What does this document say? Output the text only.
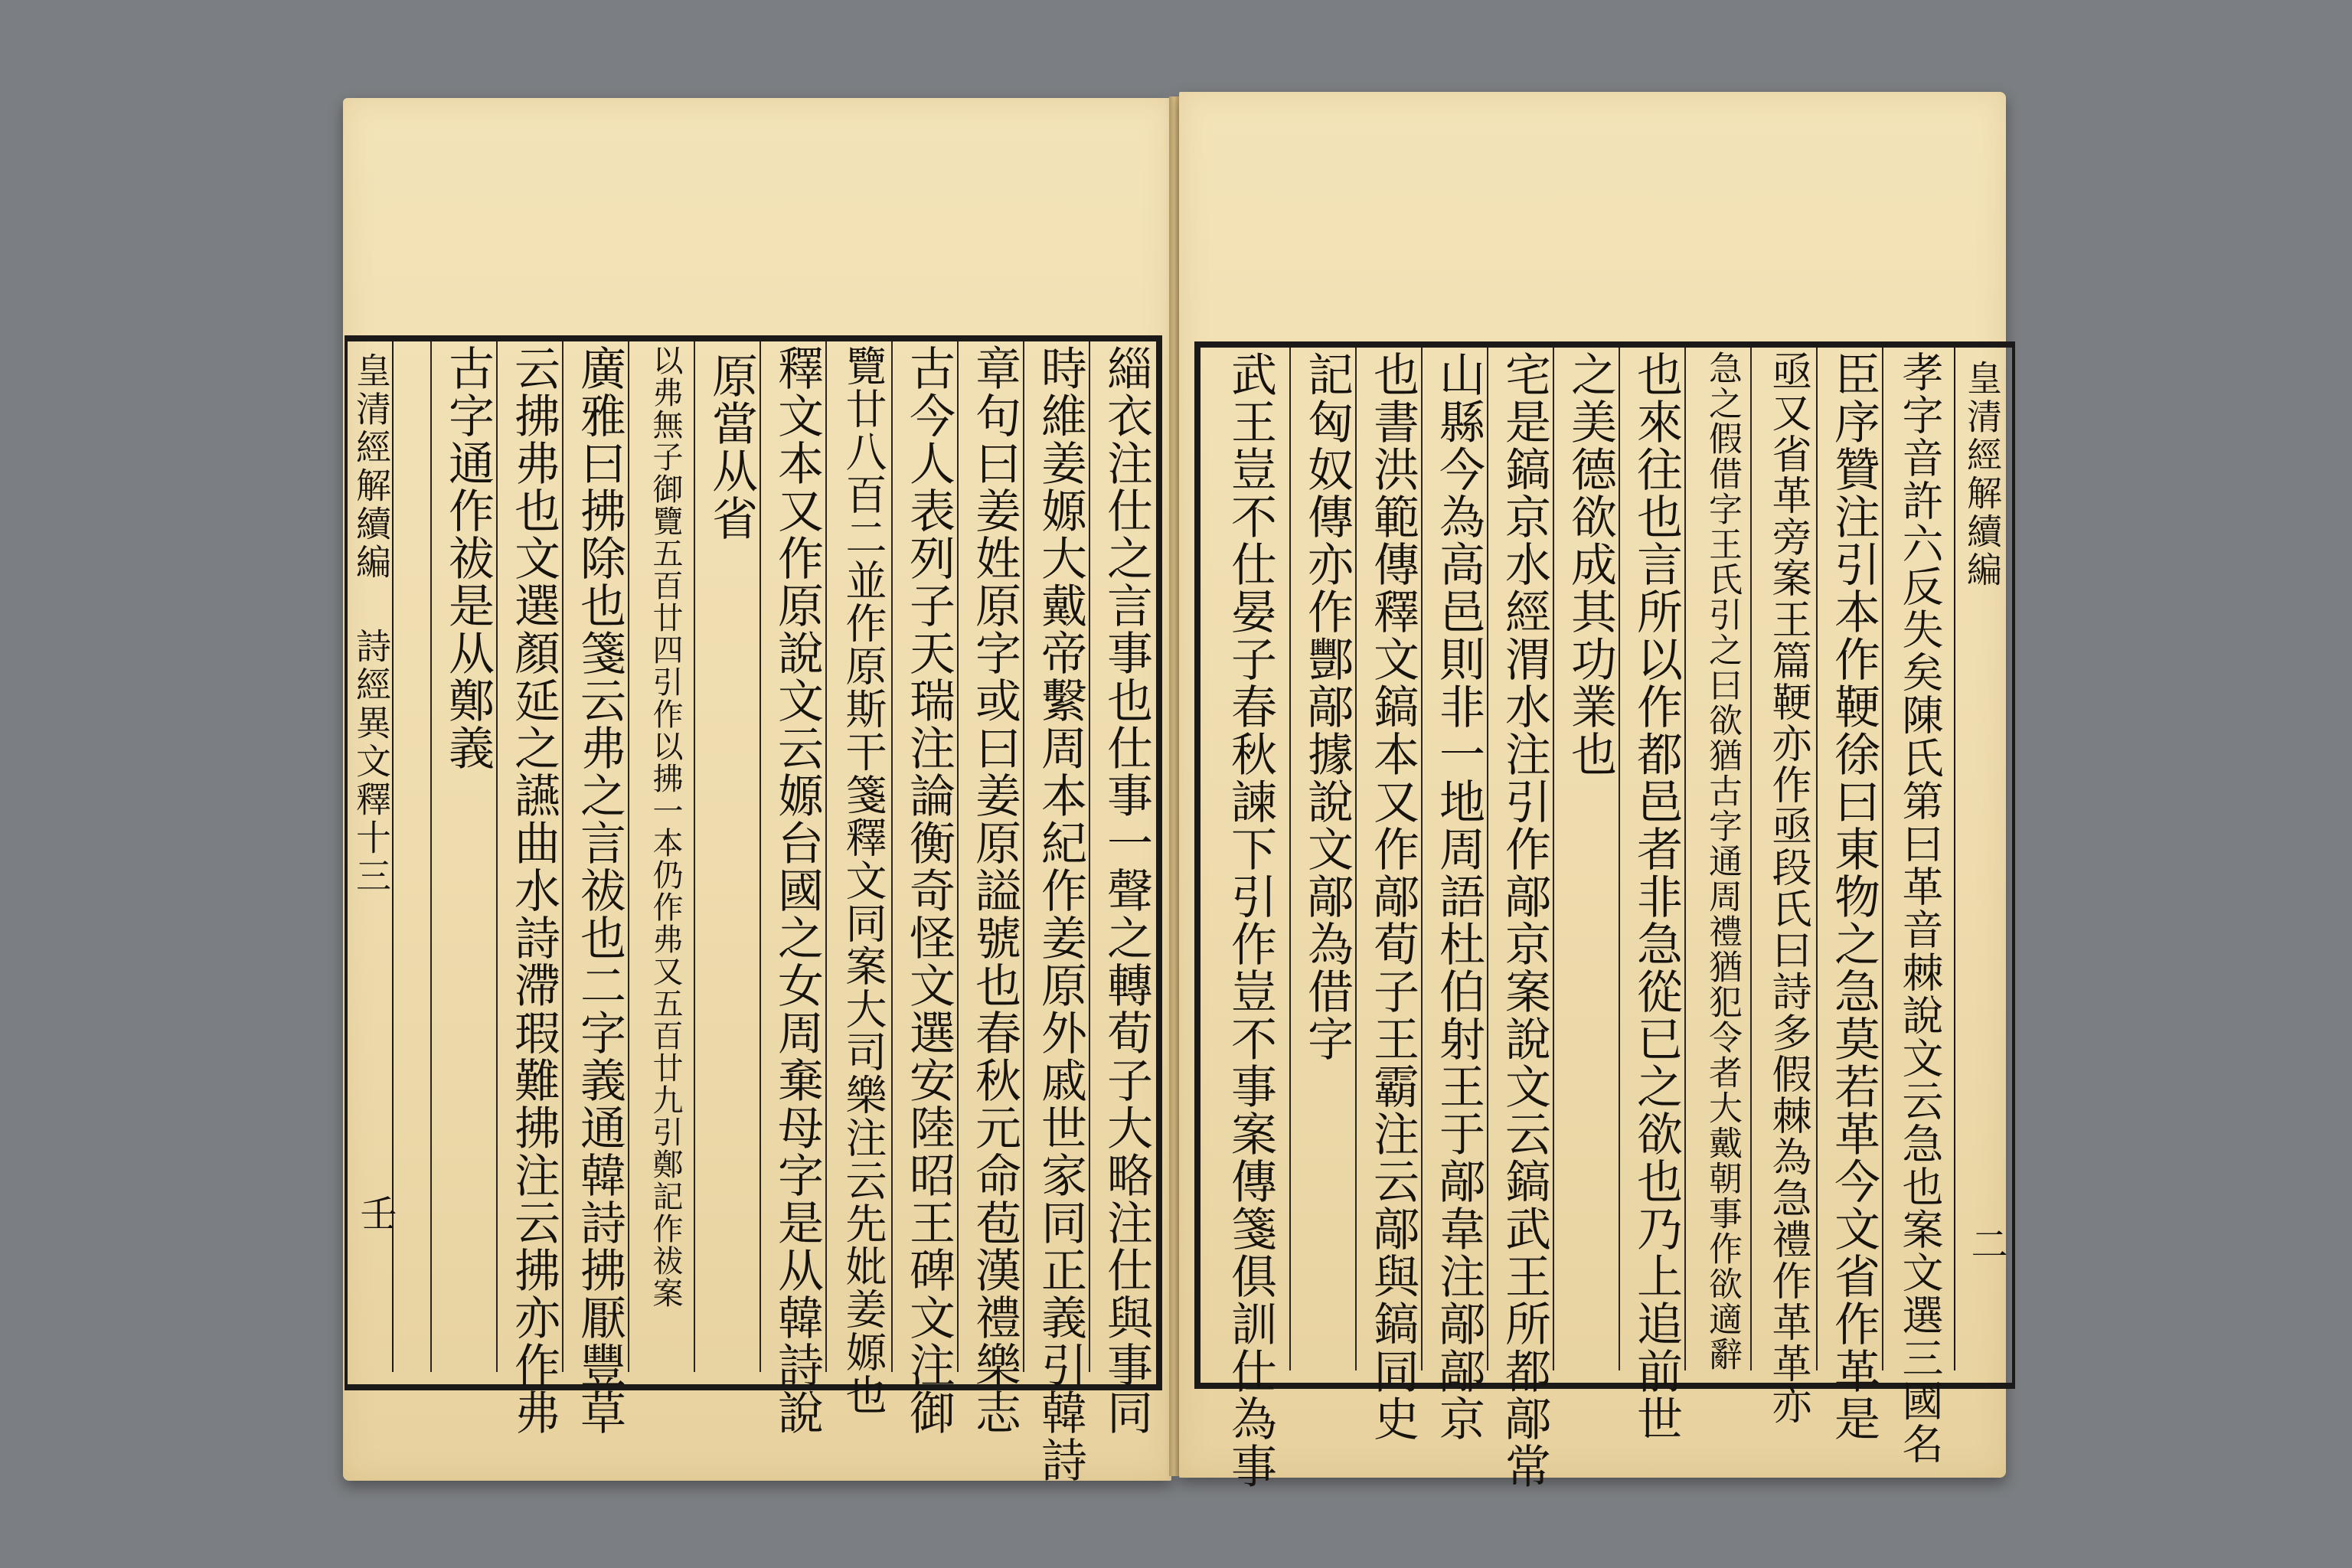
皇清經解續編
詩經異文釋十三
壬
皇清經解續編
二
緇衣注仕之言事也仕事一聲之轉荀子大略注仕與事同
時維姜嫄大戴帝繫周本紀作姜原外戚世家同正義引韓詩
章句曰姜姓原字或曰姜原謚號也春秋元命苞漢禮樂志
古今人表列子天瑞注論衡奇怪文選安陸昭王碑文注御
覽廿八百二並作原斯干箋釋文同案大司樂注云先妣姜嫄也
釋文本又作原說文云嫄台國之女周棄母字是从韓詩說
原當从省
以弗無子御覽五百廿四引作以拂一本仍作弗又五百廿九引鄭記作祓案
廣雅曰拂除也箋云弗之言祓也二字義通韓詩拂厭豐草
云拂弗也文選顏延之讌曲水詩滯瑕難拂注云拂亦作弗
古字通作祓是从鄭義	孝字音許六反失矣陳氏第曰革音棘說文云急也案文選三國名
臣序贊注引本作鞕徐曰東物之急莫若革今文省作革是
亟又省革旁案王篇鞕亦作亟段氏曰詩多假棘為急禮作革革亦
急之假借字王氏引之曰欲猶古字通周禮猶犯令者大戴朝事作欲適辭
也來往也言所以作都邑者非急從已之欲也乃上追前世
之美德欲成其功業也
宅是鎬京水經渭水注引作鄗京案說文云鎬武王所都鄗常
山縣今為高邑則非一地周語杜伯射王于鄗韋注鄗鄗京
也書洪範傳釋文鎬本又作鄗荀子王霸注云鄗與鎬同史
記匈奴傳亦作酆鄗據說文鄗為借字
武王豈不仕晏子春秋諫下引作豈不事案傳箋俱訓仕為事
